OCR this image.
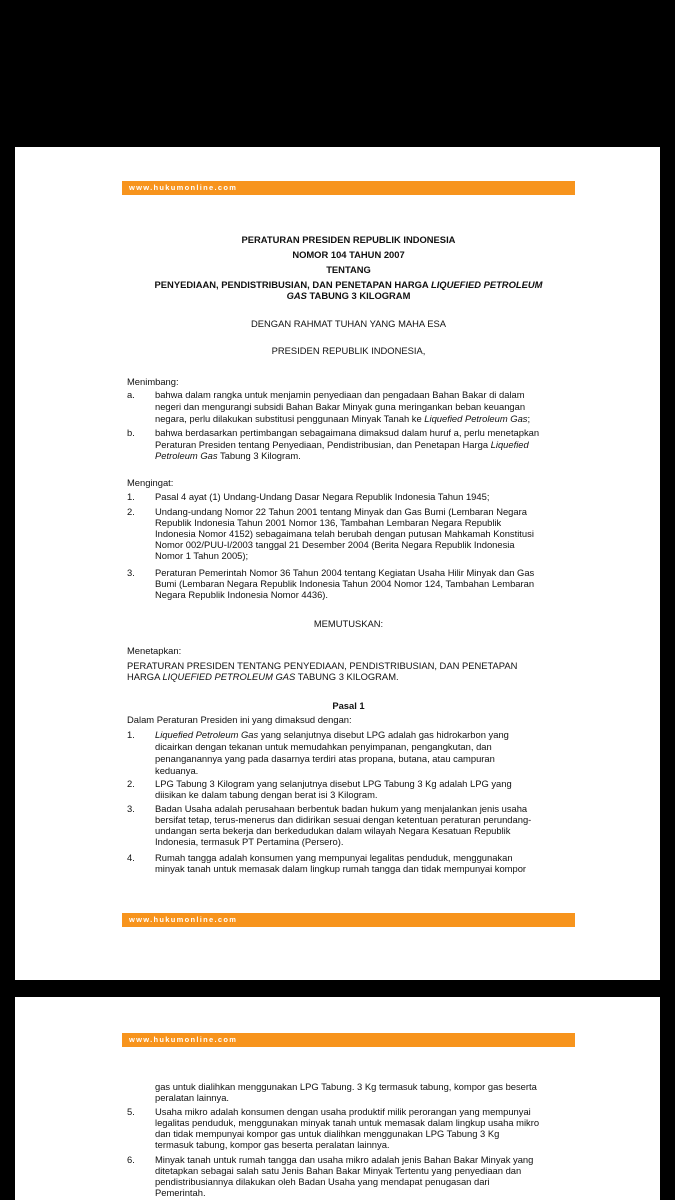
www.hukumonline.com
PERATURAN PRESIDEN REPUBLIK INDONESIA
NOMOR 104 TAHUN 2007
TENTANG
PENYEDIAAN, PENDISTRIBUSIAN, DAN PENETAPAN HARGA LIQUEFIED PETROLEUM
GAS TABUNG 3 KILOGRAM
DENGAN RAHMAT TUHAN YANG MAHA ESA
PRESIDEN REPUBLIK INDONESIA,
Menimbang:
a. bahwa dalam rangka untuk menjamin penyediaan dan pengadaan Bahan Bakar di dalam
negeri dan mengurangi subsidi Bahan Bakar Minyak guna meringankan beban keuangan
negara, perlu dilakukan substitusi penggunaan Minyak Tanah ke Liquefied Petroleum Gas;
b. bahwa berdasarkan pertimbangan sebagaimana dimaksud dalam huruf a, perlu menetapkan
Peraturan Presiden tentang Penyediaan, Pendistribusian, dan Penetapan Harga Liquefied
Petroleum Gas Tabung 3 Kilogram.
Mengingat:
1. Pasal 4 ayat (1) Undang-Undang Dasar Negara Republik Indonesia Tahun 1945;
2. Undang-undang Nomor 22 Tahun 2001 tentang Minyak dan Gas Bumi (Lembaran Negara
Republik Indonesia Tahun 2001 Nomor 136, Tambahan Lembaran Negara Republik
Indonesia Nomor 4152) sebagaimana telah berubah dengan putusan Mahkamah Konstitusi
Nomor 002/PUU-I/2003 tanggal 21 Desember 2004 (Berita Negara Republik Indonesia
Nomor 1 Tahun 2005);
3. Peraturan Pemerintah Nomor 36 Tahun 2004 tentang Kegiatan Usaha Hilir Minyak dan Gas
Bumi (Lembaran Negara Republik Indonesia Tahun 2004 Nomor 124, Tambahan Lembaran
Negara Republik Indonesia Nomor 4436).
MEMUTUSKAN:
Menetapkan:
PERATURAN PRESIDEN TENTANG PENYEDIAAN, PENDISTRIBUSIAN, DAN PENETAPAN
HARGA LIQUEFIED PETROLEUM GAS TABUNG 3 KILOGRAM.
Pasal 1
Dalam Peraturan Presiden ini yang dimaksud dengan:
1. Liquefied Petroleum Gas yang selanjutnya disebut LPG adalah gas hidrokarbon yang
dicairkan dengan tekanan untuk memudahkan penyimpanan, pengangkutan, dan
penanganannya yang pada dasarnya terdiri atas propana, butana, atau campuran
keduanya.
2. LPG Tabung 3 Kilogram yang selanjutnya disebut LPG Tabung 3 Kg adalah LPG yang
diisikan ke dalam tabung dengan berat isi 3 Kilogram.
3. Badan Usaha adalah perusahaan berbentuk badan hukum yang menjalankan jenis usaha
bersifat tetap, terus-menerus dan didirikan sesuai dengan ketentuan peraturan perundang-
undangan serta bekerja dan berkedudukan dalam wilayah Negara Kesatuan Republik
Indonesia, termasuk PT Pertamina (Persero).
4. Rumah tangga adalah konsumen yang mempunyai legalitas penduduk, menggunakan
minyak tanah untuk memasak dalam lingkup rumah tangga dan tidak mempunyai kompor
www.hukumonline.com
www.hukumonline.com
gas untuk dialihkan menggunakan LPG Tabung. 3 Kg termasuk tabung, kompor gas beserta
peralatan lainnya.
5. Usaha mikro adalah konsumen dengan usaha produktif milik perorangan yang mempunyai
legalitas penduduk, menggunakan minyak tanah untuk memasak dalam lingkup usaha mikro
dan tidak mempunyai kompor gas untuk dialihkan menggunakan LPG Tabung 3 Kg
termasuk tabung, kompor gas beserta peralatan lainnya.
6. Minyak tanah untuk rumah tangga dan usaha mikro adalah jenis Bahan Bakar Minyak yang
ditetapkan sebagai salah satu Jenis Bahan Bakar Minyak Tertentu yang penyediaan dan
pendistribusiannya dilakukan oleh Badan Usaha yang mendapat penugasan dari
Pemerintah.
